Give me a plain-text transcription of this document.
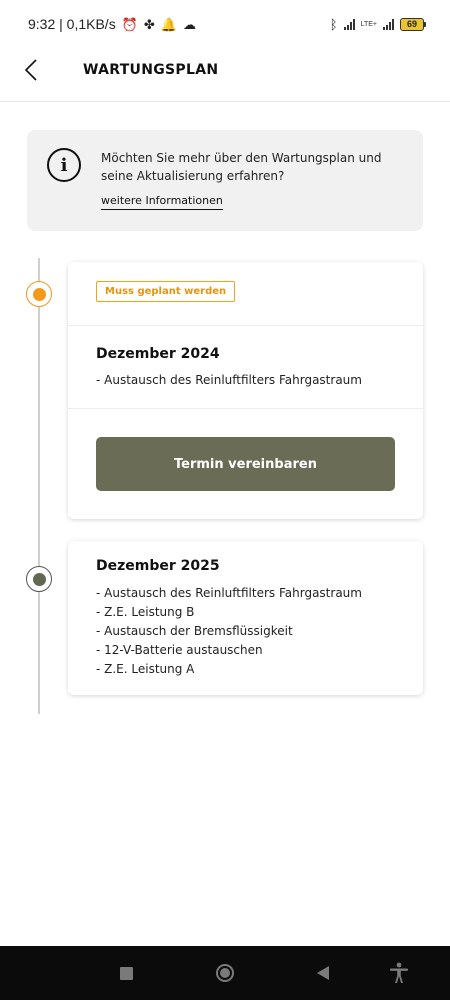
9:32 | 0,1KB/s ⏰ ✤ 🔔 ☁	ᛒ	LTE+	69
WARTUNGSPLAN
i	Möchten Sie mehr über den Wartungsplan und seine Aktualisierung erfahren?
weitere Informationen
Muss geplant werden
Dezember 2024
- Austausch des Reinluftfilters Fahrgastraum
Termin vereinbaren
Dezember 2025
- Austausch des Reinluftfilters Fahrgastraum
- Z.E. Leistung B
- Austausch der Bremsflüssigkeit
- 12-V-Batterie austauschen
- Z.E. Leistung A
